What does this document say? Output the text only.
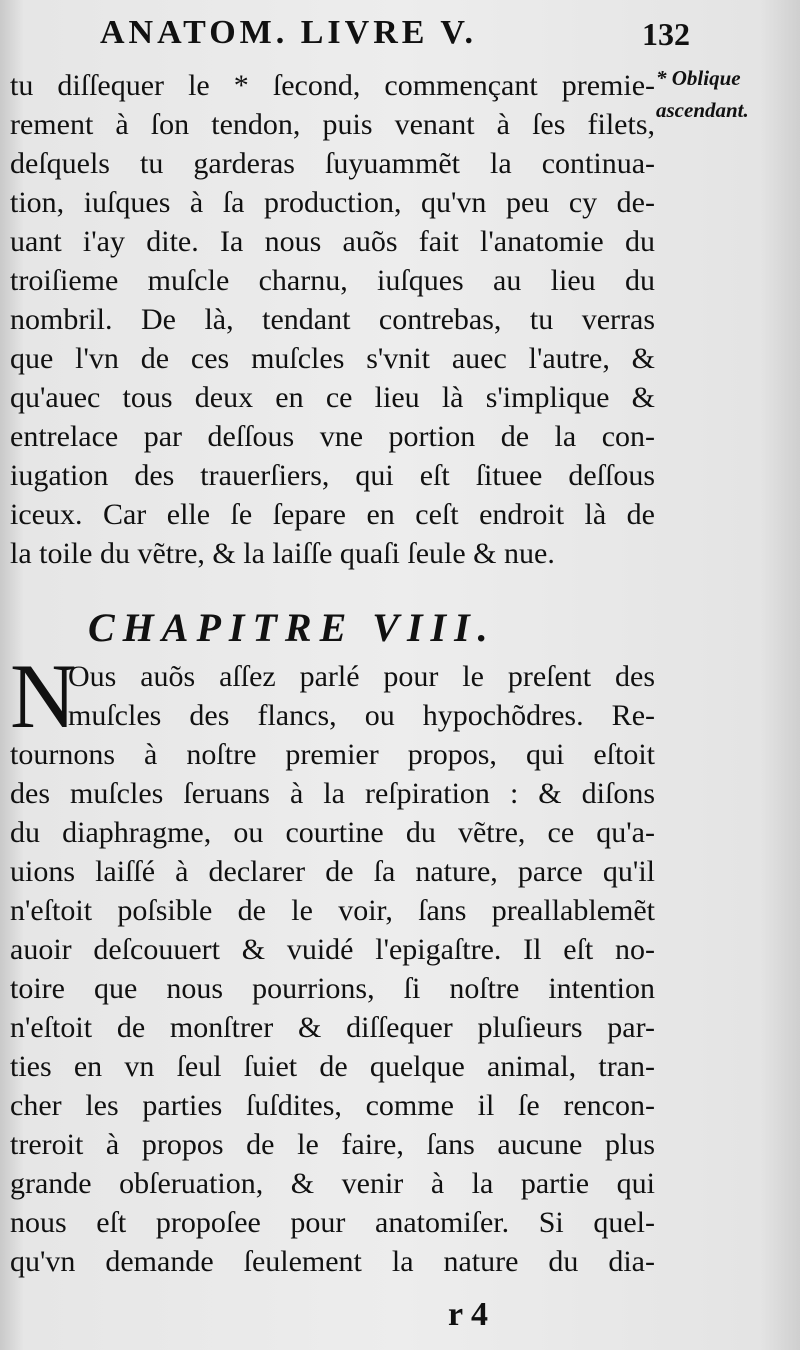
ANATOM. LIVRE V.	132
* Oblique
ascendant.
tu diſſequer le * ſecond, commençant premie-
rement à ſon tendon, puis venant à ſes filets,
deſquels tu garderas ſuyuammẽt la continua-
tion, iuſques à ſa production, qu'vn peu cy de-
uant i'ay dite. Ia nous auõs fait l'anatomie du
troiſieme muſcle charnu, iuſques au lieu du
nombril. De là, tendant contrebas, tu verras
que l'vn de ces muſcles s'vnit auec l'autre, &
qu'auec tous deux en ce lieu là s'implique &
entrelace par deſſous vne portion de la con-
iugation des trauerſiers, qui eſt ſituee deſſous
iceux. Car elle ſe ſepare en ceſt endroit là de
la toile du vẽtre, & la laiſſe quaſi ſeule & nue.
CHAPITRE VIII.
N
Ous auõs aſſez parlé pour le preſent des
muſcles des flancs, ou hypochõdres. Re-
tournons à noſtre premier propos, qui eſtoit
des muſcles ſeruans à la reſpiration : & diſons
du diaphragme, ou courtine du vẽtre, ce qu'a-
uions laiſſé à declarer de ſa nature, parce qu'il
n'eſtoit poſsible de le voir, ſans preallablemẽt
auoir deſcouuert & vuidé l'epigaſtre. Il eſt no-
toire que nous pourrions, ſi noſtre intention
n'eſtoit de monſtrer & diſſequer pluſieurs par-
ties en vn ſeul ſuiet de quelque animal, tran-
cher les parties ſuſdites, comme il ſe rencon-
treroit à propos de le faire, ſans aucune plus
grande obſeruation, & venir à la partie qui
nous eſt propoſee pour anatomiſer. Si quel-
qu'vn demande ſeulement la nature du dia-
r 4
